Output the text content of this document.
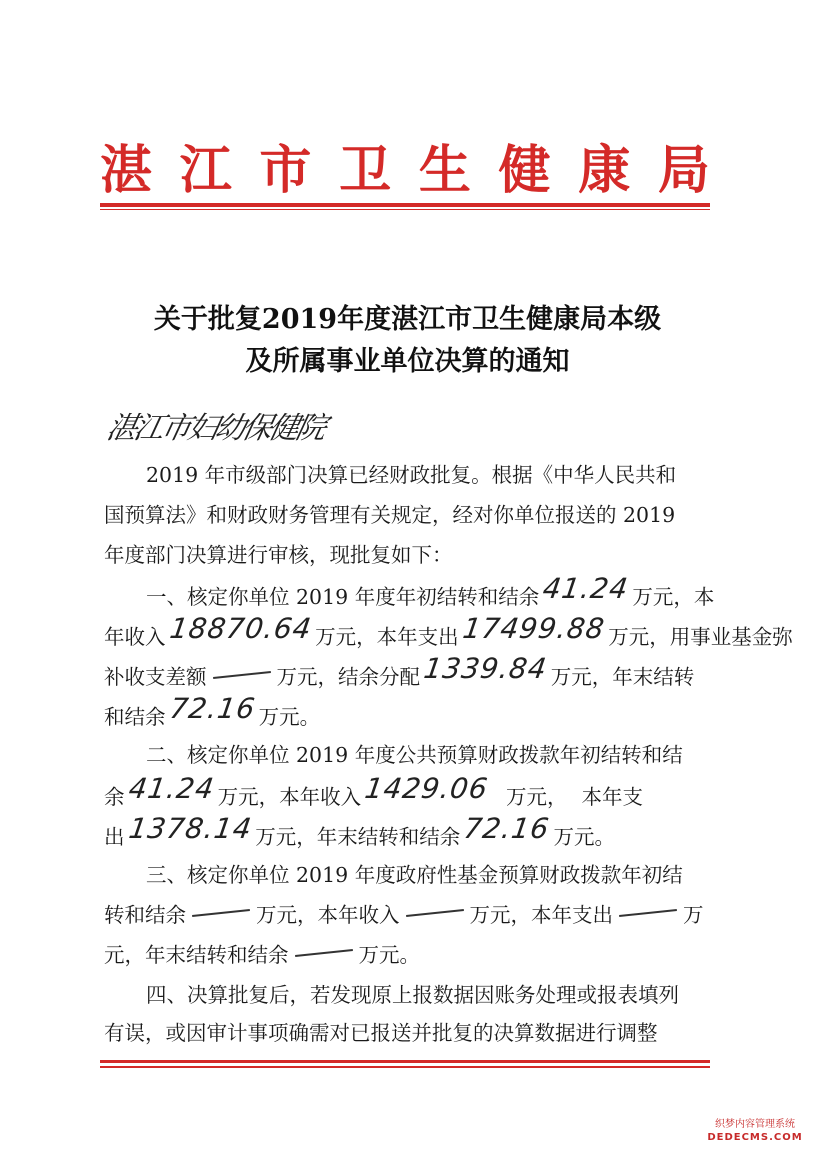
湛 江 市 卫 生 健 康 局
关于批复2019年度湛江市卫生健康局本级
及所属事业单位决算的通知
湛江市妇幼保健院
2019 年市级部门决算已经财政批复。根据《中华人民共和
国预算法》和财政财务管理有关规定，经对你单位报送的 2019
年度部门决算进行审核，现批复如下：
一、核定你单位 2019 年度年初结转和结余 41.24 万元，本
年收入 18870.64 万元，本年支出 17499.88 万元，用事业基金弥
补收支差额	万元，结余分配 1339.84 万元，年末结转
和结余 72.16 万元。
二、核定你单位 2019 年度公共预算财政拨款年初结转和结
余 41.24 万元，本年收入 1429.06 万元， 本年支
出 1378.14 万元，年末结转和结余 72.16 万元。
三、核定你单位 2019 年度政府性基金预算财政拨款年初结
转和结余	万元，本年收入	万元，本年支出	万
元，年末结转和结余	万元。
四、决算批复后，若发现原上报数据因账务处理或报表填列
有误，或因审计事项确需对已报送并批复的决算数据进行调整
织梦内容管理系统
DEDECMS.COM
